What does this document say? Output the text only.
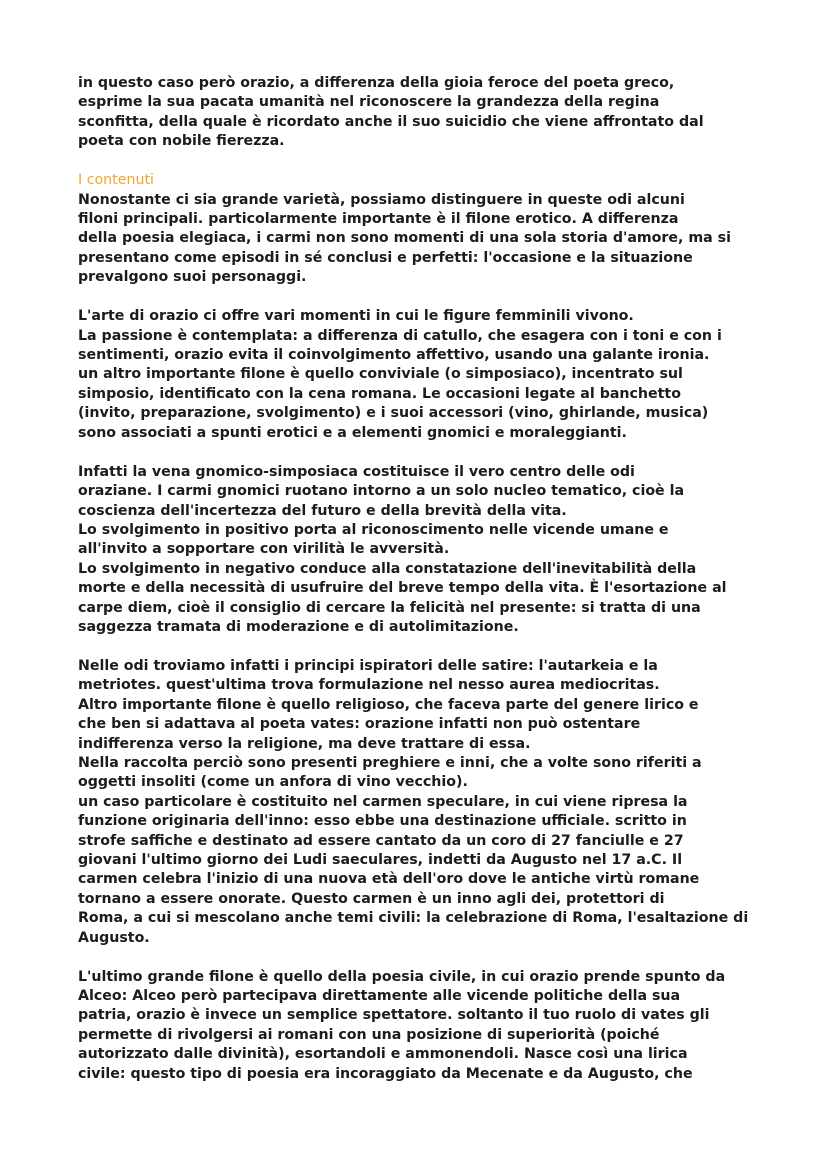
in questo caso però orazio, a differenza della gioia feroce del poeta greco,
esprime la sua pacata umanità nel riconoscere la grandezza della regina
sconfitta, della quale è ricordato anche il suo suicidio che viene affrontato dal
poeta con nobile fierezza.
I contenuti
Nonostante ci sia grande varietà, possiamo distinguere in queste odi alcuni
filoni principali. particolarmente importante è il filone erotico. A differenza
della poesia elegiaca, i carmi non sono momenti di una sola storia d'amore, ma si
presentano come episodi in sé conclusi e perfetti: l'occasione e la situazione
prevalgono suoi personaggi.
L'arte di orazio ci offre vari momenti in cui le figure femminili vivono.
La passione è contemplata: a differenza di catullo, che esagera con i toni e con i
sentimenti, orazio evita il coinvolgimento affettivo, usando una galante ironia.
un altro importante filone è quello conviviale (o simposiaco), incentrato sul
simposio, identificato con la cena romana. Le occasioni legate al banchetto
(invito, preparazione, svolgimento) e i suoi accessori (vino, ghirlande, musica)
sono associati a spunti erotici e a elementi gnomici e moraleggianti.
Infatti la vena gnomico-simposiaca costituisce il vero centro delle odi
oraziane. I carmi gnomici ruotano intorno a un solo nucleo tematico, cioè la
coscienza dell'incertezza del futuro e della brevità della vita.
Lo svolgimento in positivo porta al riconoscimento nelle vicende umane e
all'invito a sopportare con virilità le avversità.
Lo svolgimento in negativo conduce alla constatazione dell'inevitabilità della
morte e della necessità di usufruire del breve tempo della vita. È l'esortazione al
carpe diem, cioè il consiglio di cercare la felicità nel presente: si tratta di una
saggezza tramata di moderazione e di autolimitazione.
Nelle odi troviamo infatti i principi ispiratori delle satire: l'autarkeia e la
metriotes. quest'ultima trova formulazione nel nesso aurea mediocritas.
Altro importante filone è quello religioso, che faceva parte del genere lirico e
che ben si adattava al poeta vates: orazione infatti non può ostentare
indifferenza verso la religione, ma deve trattare di essa.
Nella raccolta perciò sono presenti preghiere e inni, che a volte sono riferiti a
oggetti insoliti (come un anfora di vino vecchio).
un caso particolare è costituito nel carmen speculare, in cui viene ripresa la
funzione originaria dell'inno: esso ebbe una destinazione ufficiale. scritto in
strofe saffiche e destinato ad essere cantato da un coro di 27 fanciulle e 27
giovani l'ultimo giorno dei Ludi saeculares, indetti da Augusto nel 17 a.C. Il
carmen celebra l'inizio di una nuova età dell'oro dove le antiche virtù romane
tornano a essere onorate. Questo carmen è un inno agli dei, protettori di
Roma, a cui si mescolano anche temi civili: la celebrazione di Roma, l'esaltazione di
Augusto.
L'ultimo grande filone è quello della poesia civile, in cui orazio prende spunto da
Alceo: Alceo però partecipava direttamente alle vicende politiche della sua
patria, orazio è invece un semplice spettatore. soltanto il tuo ruolo di vates gli
permette di rivolgersi ai romani con una posizione di superiorità (poiché
autorizzato dalle divinità), esortandoli e ammonendoli. Nasce così una lirica
civile: questo tipo di poesia era incoraggiato da Mecenate e da Augusto, che
